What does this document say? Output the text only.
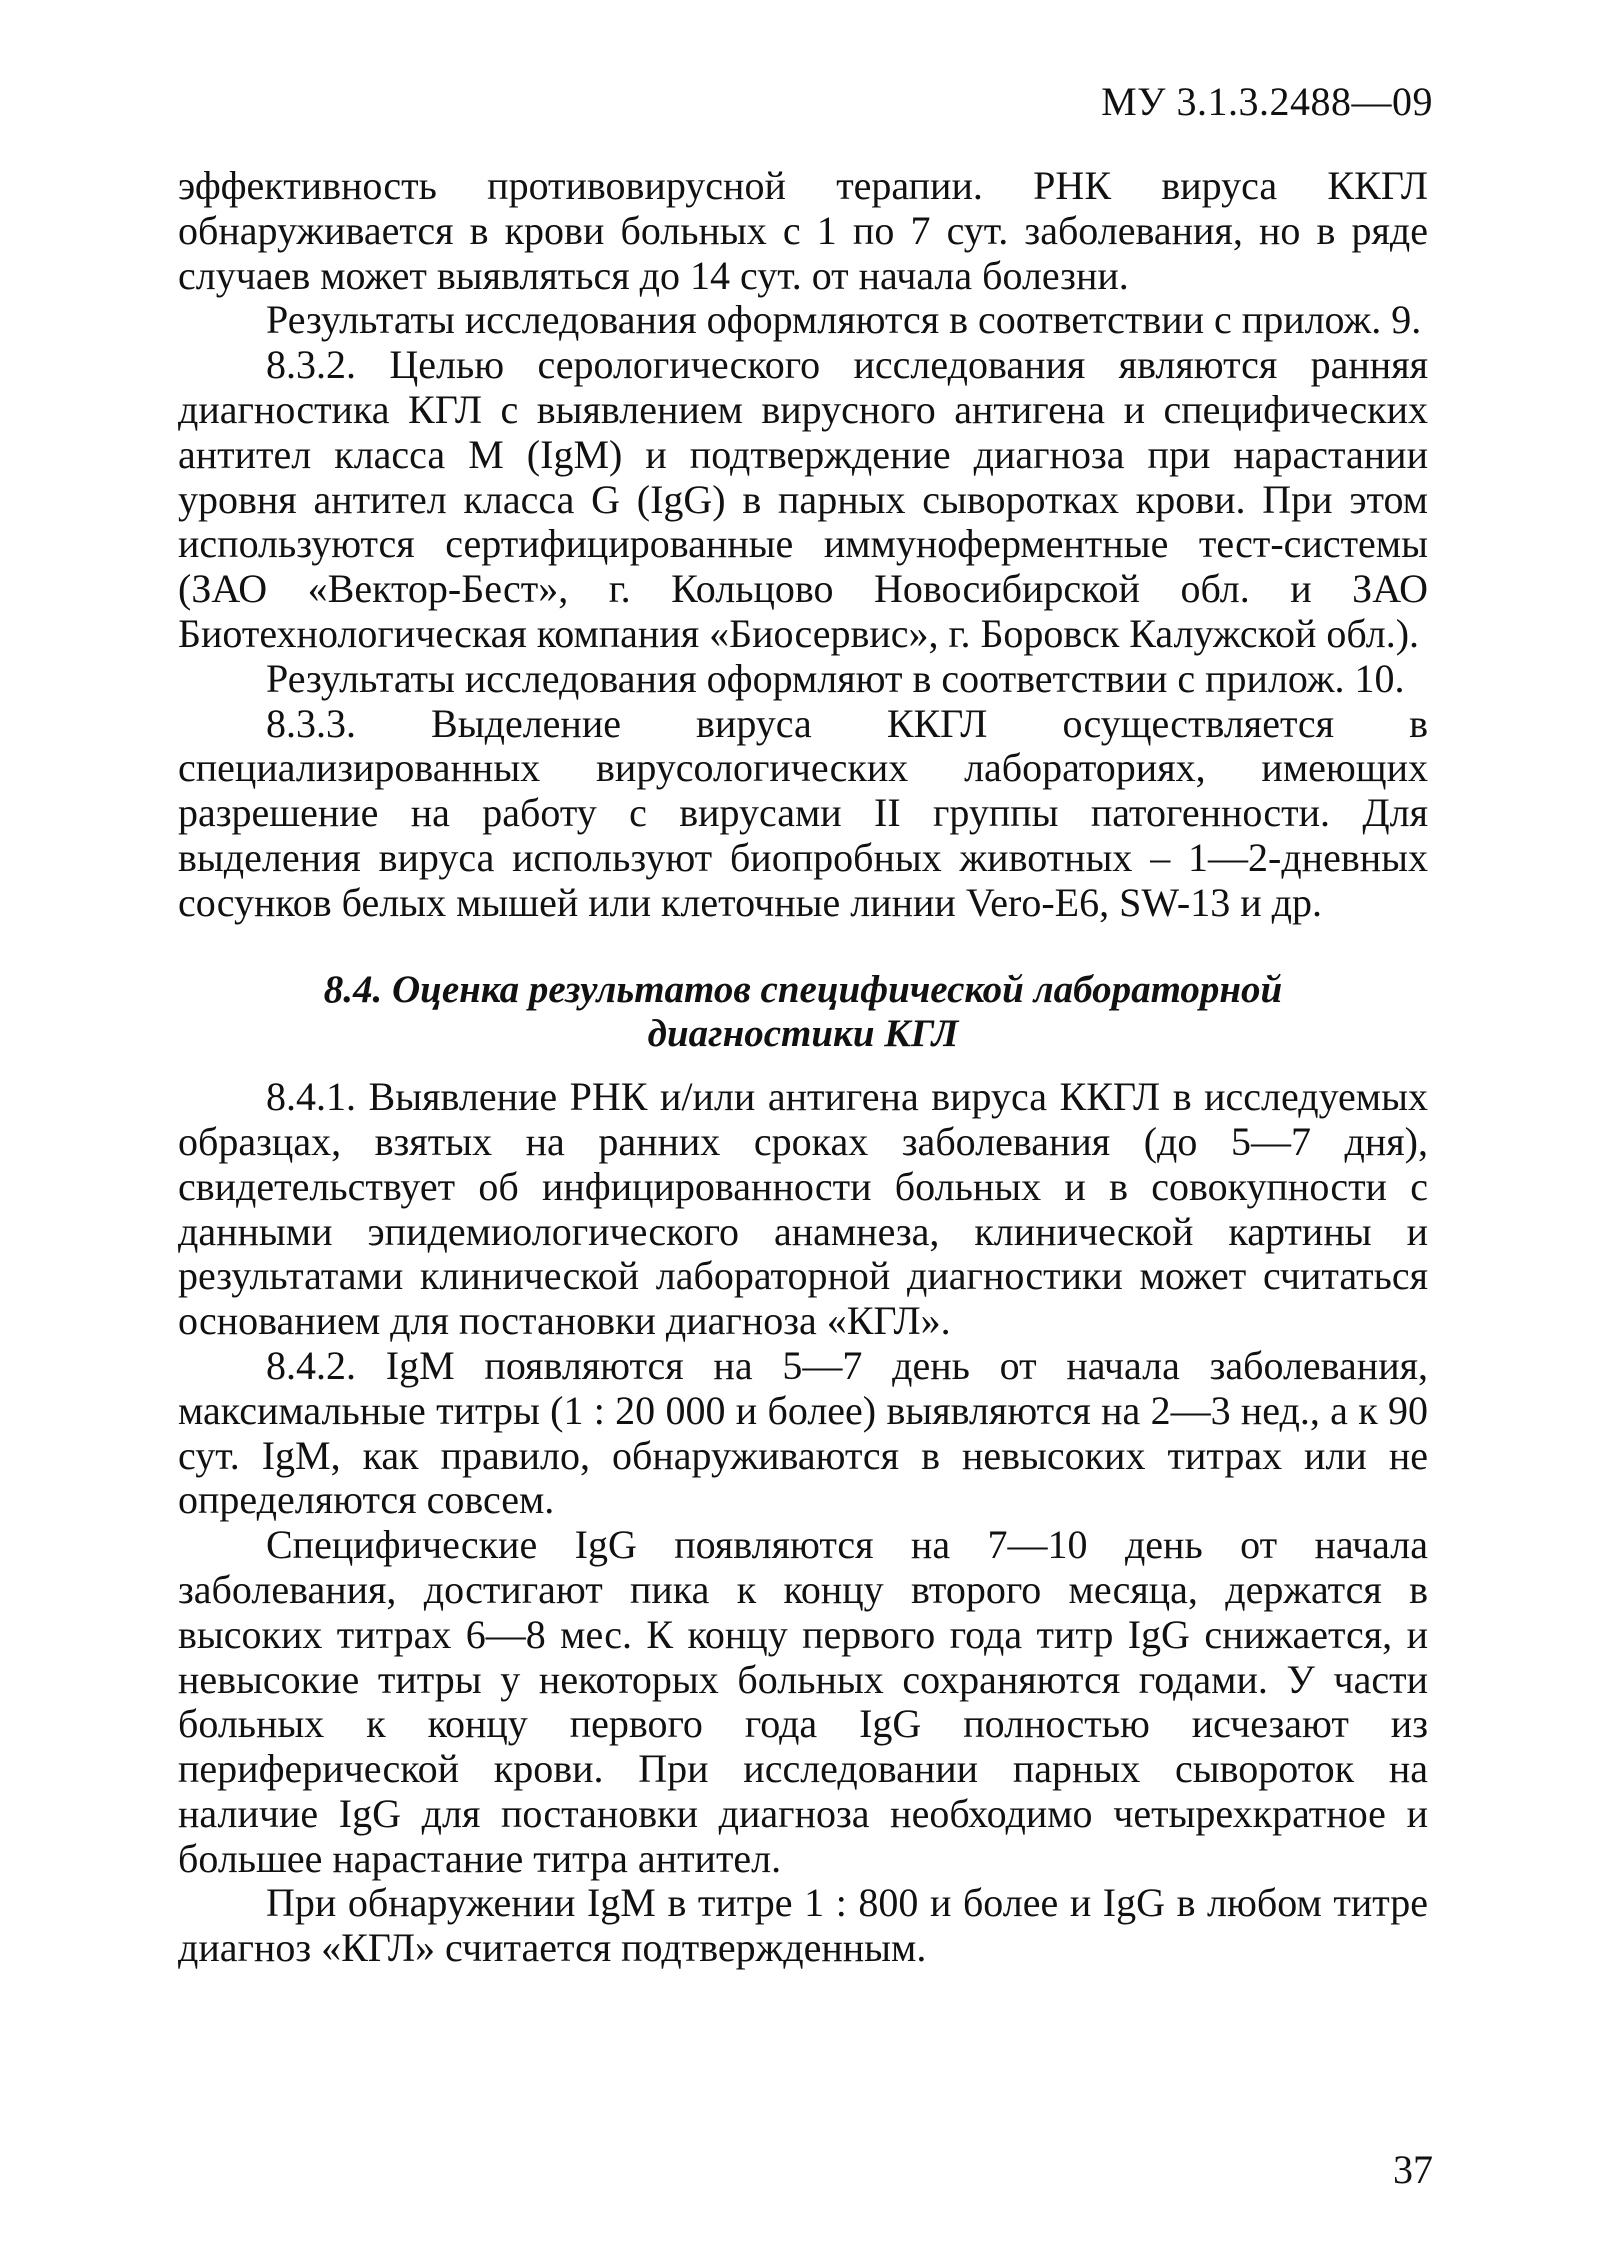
МУ 3.1.3.2488—09

эффективность противовирусной терапии. РНК вируса ККГЛ обнаруживается в крови больных с 1 по 7 сут. заболевания, но в ряде случаев может выявляться до 14 сут. от начала болезни.

Результаты исследования оформляются в соответствии с прилож. 9.

8.3.2. Целью серологического исследования являются ранняя диагностика КГЛ с выявлением вирусного антигена и специфических антител класса М (IgM) и подтверждение диагноза при нарастании уровня антител класса G (IgG) в парных сыворотках крови. При этом используются сертифицированные иммуноферментные тест-системы (ЗАО «Вектор-Бест», г. Кольцово Новосибирской обл. и ЗАО Биотехнологическая компания «Биосервис», г. Боровск Калужской обл.).

Результаты исследования оформляют в соответствии с прилож. 10.

8.3.3. Выделение вируса ККГЛ осуществляется в специализированных вирусологических лабораториях, имеющих разрешение на работу с вирусами II группы патогенности. Для выделения вируса используют биопробных животных – 1—2-дневных сосунков белых мышей или клеточные линии Vero-E6, SW-13 и др.

8.4. Оценка результатов специфической лабораторной
диагностики КГЛ

8.4.1. Выявление РНК и/или антигена вируса ККГЛ в исследуемых образцах, взятых на ранних сроках заболевания (до 5—7 дня), свидетельствует об инфицированности больных и в совокупности с данными эпидемиологического анамнеза, клинической картины и результатами клинической лабораторной диагностики может считаться основанием для постановки диагноза «КГЛ».

8.4.2. IgM появляются на 5—7 день от начала заболевания, максимальные титры (1 : 20 000 и более) выявляются на 2—3 нед., а к 90 сут. IgM, как правило, обнаруживаются в невысоких титрах или не определяются совсем.

Специфические IgG появляются на 7—10 день от начала заболевания, достигают пика к концу второго месяца, держатся в высоких титрах 6—8 мес. К концу первого года титр IgG снижается, и невысокие титры у некоторых больных сохраняются годами. У части больных к концу первого года IgG полностью исчезают из периферической крови. При исследовании парных сывороток на наличие IgG для постановки диагноза необходимо четырехкратное и большее нарастание титра антител.

При обнаружении IgM в титре 1 : 800 и более и IgG в любом титре диагноз «КГЛ» считается подтвержденным.

37
